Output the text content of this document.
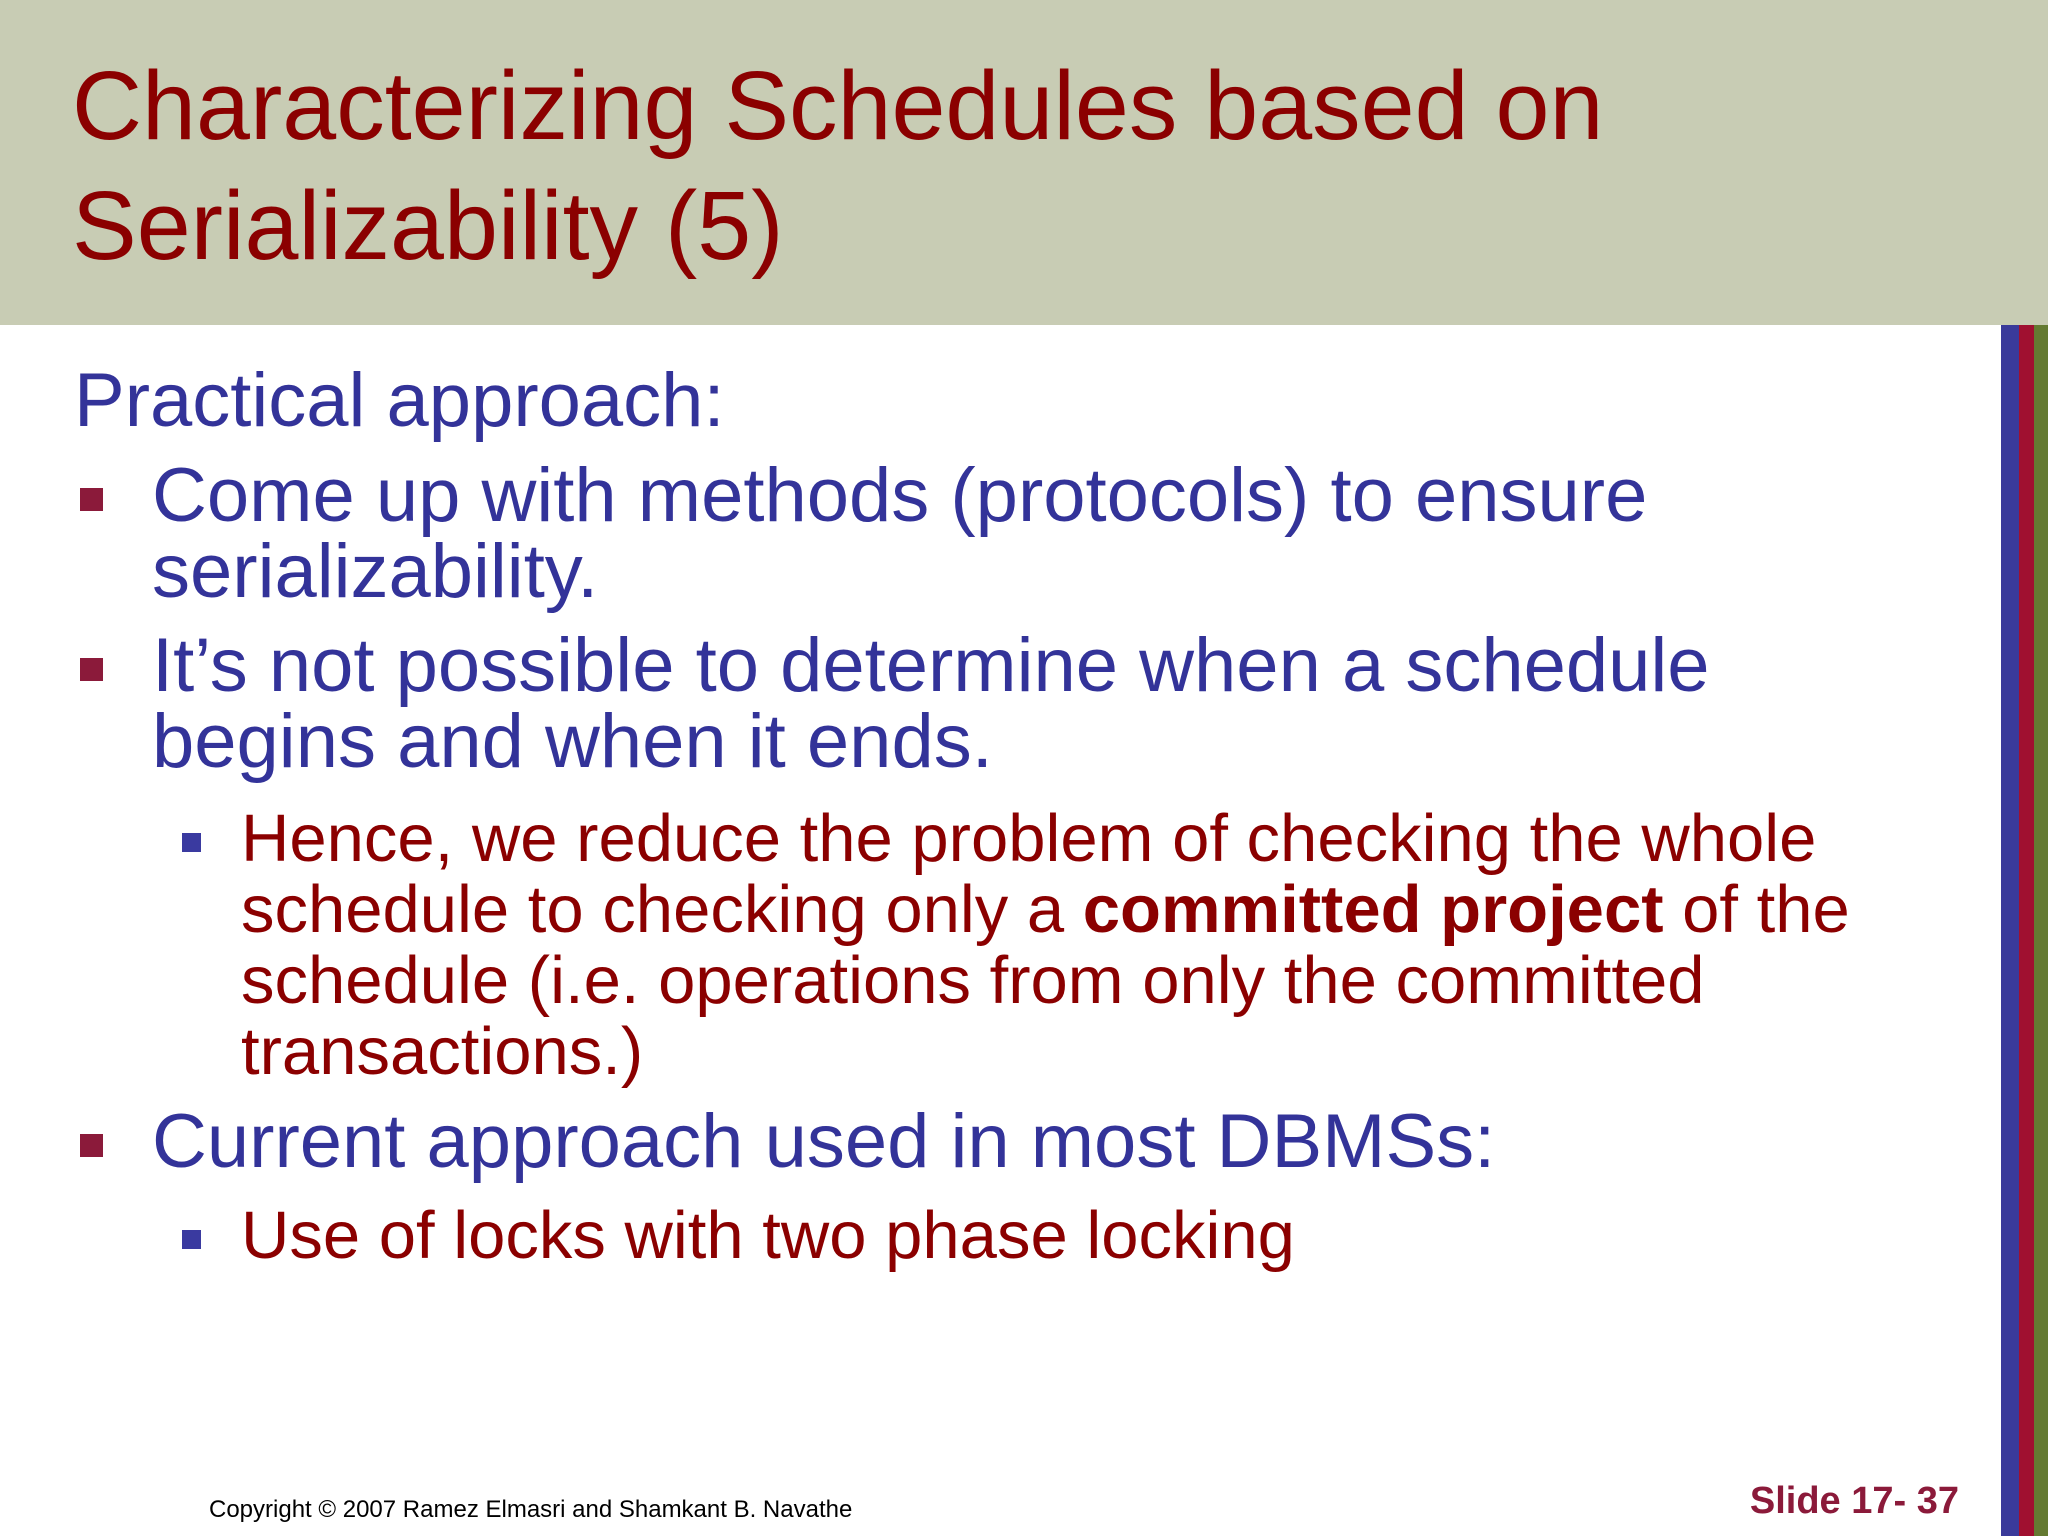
Characterizing Schedules based on
Serializability (5)

Practical approach:

Come up with methods (protocols) to ensure serializability.
It’s not possible to determine when a schedule begins and when it ends.
Hence, we reduce the problem of checking the whole schedule to checking only a committed project of the schedule (i.e. operations from only the committed transactions.)
Current approach used in most DBMSs:
Use of locks with two phase locking
Copyright © 2007 Ramez Elmasri and Shamkant B. Navathe	Slide 17- 37
